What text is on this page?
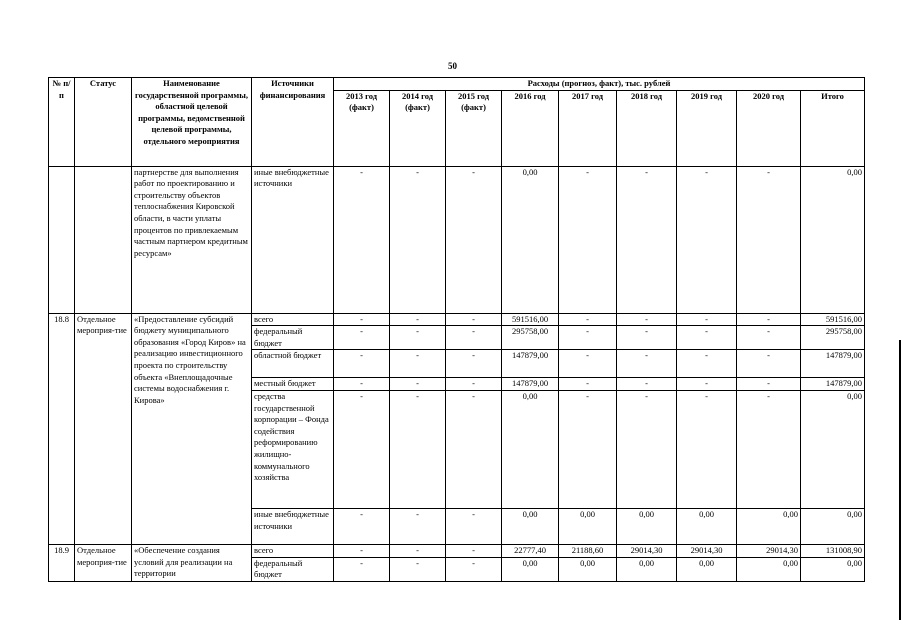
50
№ п/п	Статус	Наименование государственной программы, областной целевой программы, ведомственной целевой программы, отдельного мероприятия	Источники финансирования	Расходы (прогноз, факт), тыс. рублей								
				2013 год (факт)	2014 год (факт)	2015 год (факт)	2016 год	2017 год	2018 год	2019 год	2020 год	Итого
		партнерстве для выполнения работ по проектированию и строительству объектов теплоснабжения Кировской области, в части уплаты процентов по привлекаемым частным партнером кредитным ресурсам»	иные внебюджетные источники	-	-	-	0,00	-	-	-	-	0,00
18.8	Отдельное мероприя-тие	«Предоставление субсидий бюджету муниципального образования «Город Киров» на реализацию инвестиционного проекта по строительству объекта «Внеплощадочные системы водоснабжения г. Кирова»	всего	-	-	-	591516,00	-	-	-	-	591516,00
			федеральный бюджет	-	-	-	295758,00	-	-	-	-	295758,00
			областной бюджет	-	-	-	147879,00	-	-	-	-	147879,00
			местный бюджет	-	-	-	147879,00	-	-	-	-	147879,00
			средства государственной корпорации – Фонда содействия реформированию жилищно-коммунального хозяйства	-	-	-	0,00	-	-	-	-	0,00
			иные внебюджетные источники	-	-	-	0,00	0,00	0,00	0,00	0,00	0,00
18.9	Отдельное мероприя-тие	«Обеспечение создания условий для реализации на территории	всего	-	-	-	22777,40	21188,60	29014,30	29014,30	29014,30	131008,90
			федеральный бюджет	-	-	-	0,00	0,00	0,00	0,00	0,00	0,00
